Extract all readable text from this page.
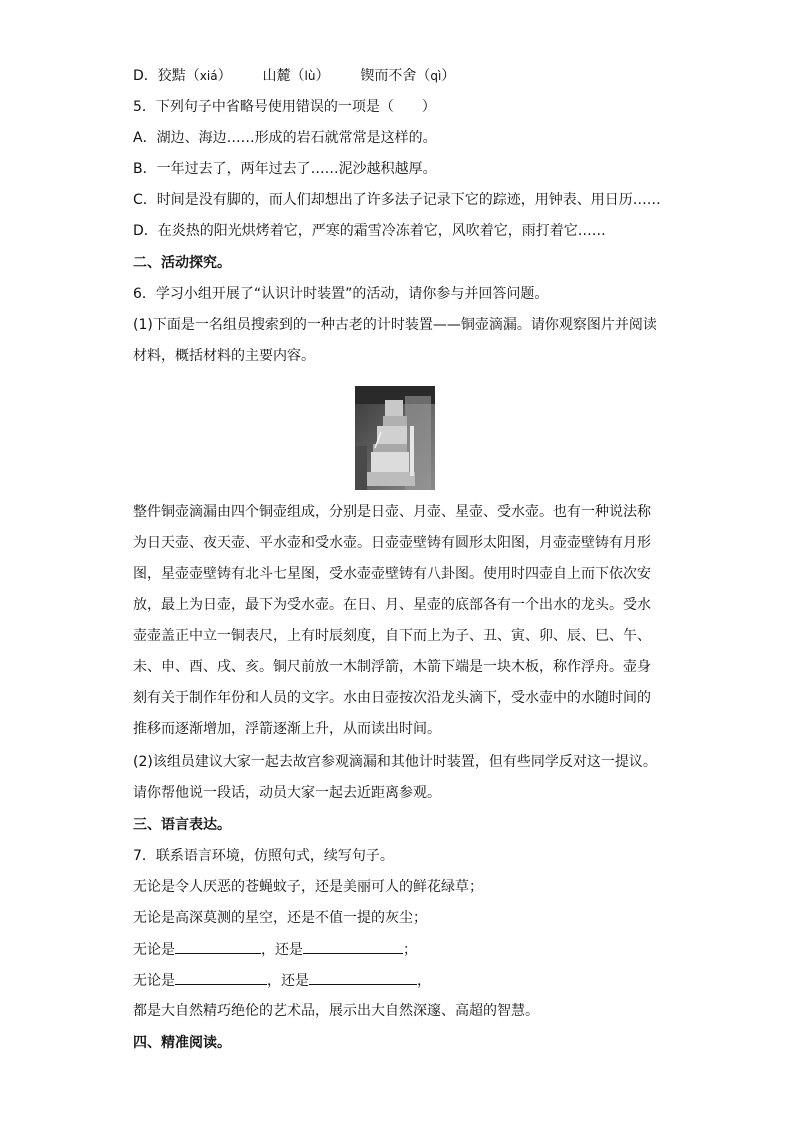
D．狡黠（xiá） 山麓（lù） 锲而不舍（qì）
5．下列句子中省略号使用错误的一项是（　　）
A．湖边、海边……形成的岩石就常常是这样的。
B．一年过去了，两年过去了……泥沙越积越厚。
C．时间是没有脚的，而人们却想出了许多法子记录下它的踪迹，用钟表、用日历……
D．在炎热的阳光烘烤着它，严寒的霜雪冷冻着它，风吹着它，雨打着它……
二、活动探究。
6．学习小组开展了“认识计时装置”的活动，请你参与并回答问题。
(1)下面是一名组员搜索到的一种古老的计时装置——铜壶滴漏。请你观察图片并阅读
材料，概括材料的主要内容。
整件铜壶滴漏由四个铜壶组成，分别是日壶、月壶、星壶、受水壶。也有一种说法称
为日天壶、夜天壶、平水壶和受水壶。日壶壶壁铸有圆形太阳图，月壶壶壁铸有月形
图，星壶壶壁铸有北斗七星图，受水壶壶壁铸有八卦图。使用时四壶自上而下依次安
放，最上为日壶，最下为受水壶。在日、月、星壶的底部各有一个出水的龙头。受水
壶壶盖正中立一铜表尺，上有时辰刻度，自下而上为子、丑、寅、卯、辰、巳、午、
未、申、酉、戌、亥。铜尺前放一木制浮箭，木箭下端是一块木板，称作浮舟。壶身
刻有关于制作年份和人员的文字。水由日壶按次沿龙头滴下，受水壶中的水随时间的
推移而逐渐增加，浮箭逐渐上升，从而读出时间。
(2)该组员建议大家一起去故宫参观滴漏和其他计时装置，但有些同学反对这一提议。
请你帮他说一段话，动员大家一起去近距离参观。
三、语言表达。
7．联系语言环境，仿照句式，续写句子。
无论是令人厌恶的苍蝇蚊子，还是美丽可人的鲜花绿草；
无论是高深莫测的星空，还是不值一提的灰尘；
无论是	，还是	；
无论是	，还是	，
都是大自然精巧绝伦的艺术品，展示出大自然深邃、高超的智慧。
四、精准阅读。
